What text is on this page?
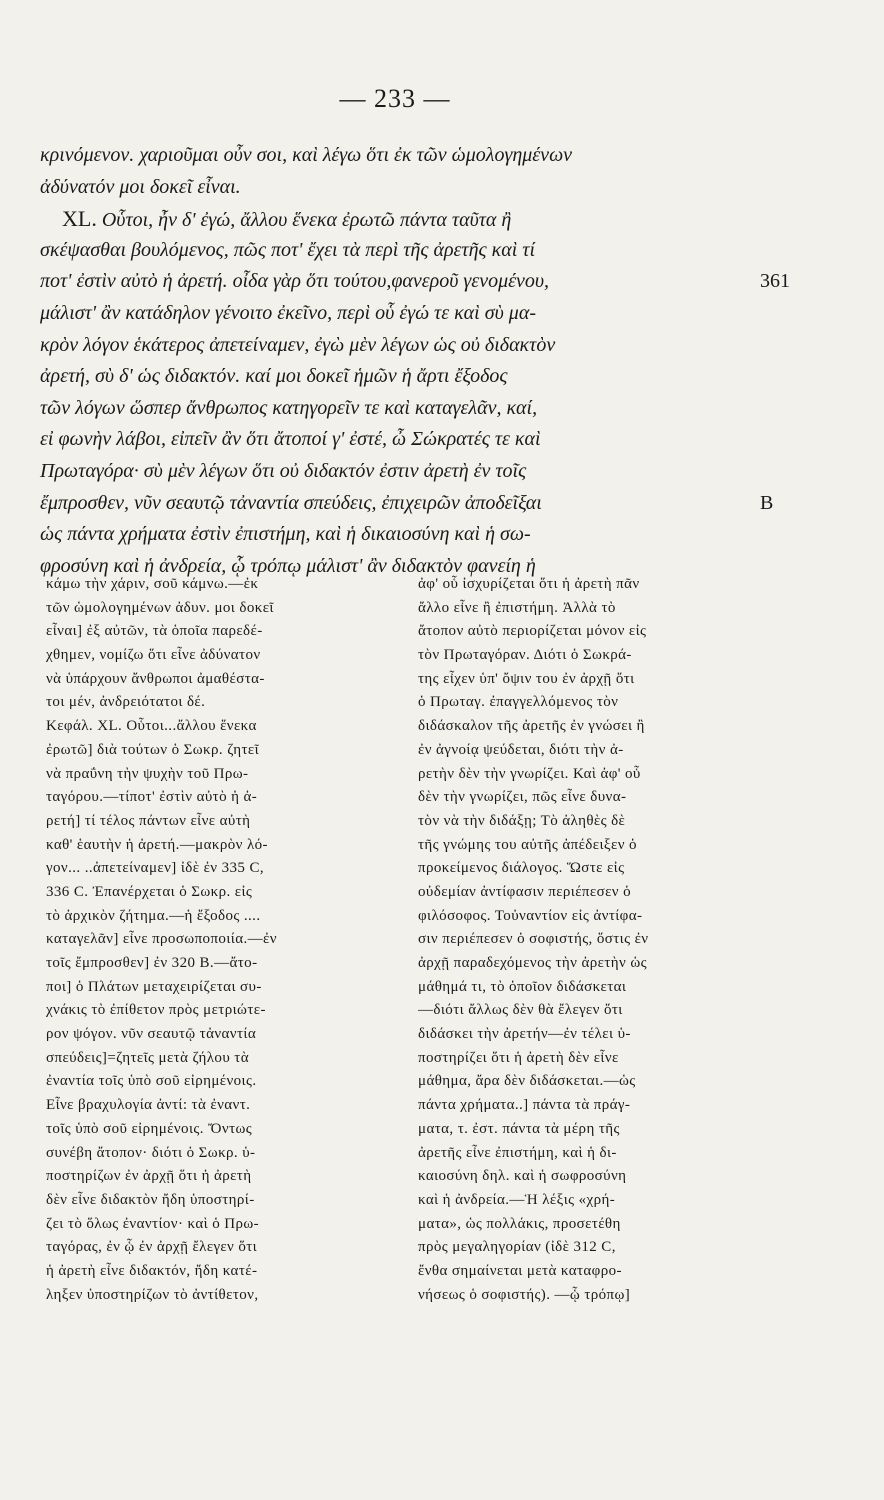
— 233 —
κρινόμενον. χαριοῦμαι οὖν σοι, καὶ λέγω ὅτι ἐκ τῶν ὡμολογημένων
ἀδύνατόν μοι δοκεῖ εἶναι.
XL. Οὗτοι, ἦν δ' ἐγώ, ἄλλου ἕνεκα ἐρωτῶ πάντα ταῦτα ἢ
σκέψασθαι βουλόμενος, πῶς ποτ' ἔχει τὰ περὶ τῆς ἀρετῆς καὶ τί
ποτ' ἐστὶν αὐτὸ ἡ ἀρετή. οἶδα γὰρ ὅτι τούτου,φανεροῦ γενομένου,	361
μάλιστ' ἂν κατάδηλον γένοιτο ἐκεῖνο, περὶ οὗ ἐγώ τε καὶ σὺ μα-
κρὸν λόγον ἑκάτερος ἀπετείναμεν, ἐγὼ μὲν λέγων ὡς οὐ διδακτὸν
ἀρετή, σὺ δ' ὡς διδακτόν. καί μοι δοκεῖ ἡμῶν ἡ ἄρτι ἔξοδος
τῶν λόγων ὥσπερ ἄνθρωπος κατηγορεῖν τε καὶ καταγελᾶν, καί,
εἰ φωνὴν λάβοι, εἰπεῖν ἂν ὅτι ἄτοποί γ' ἐστέ, ὦ Σώκρατές τε καὶ
Πρωταγόρα· σὺ μὲν λέγων ὅτι οὐ διδακτόν ἐστιν ἀρετὴ ἐν τοῖς
ἔμπροσθεν, νῦν σεαυτῷ τἀναντία σπεύδεις, ἐπιχειρῶν ἀποδεῖξαι	B
ὡς πάντα χρήματα ἐστὶν ἐπιστήμη, καὶ ἡ δικαιοσύνη καὶ ἡ σω-
φροσύνη καὶ ἡ ἀνδρεία, ᾧ τρόπῳ μάλιστ' ἂν διδακτὸν φανείη ἡ
κάμω τὴν χάριν, σοῦ κάμνω.—ἐκ
τῶν ὡμολογημένων ἀδυν. μοι δοκεῖ
εἶναι] ἐξ αὐτῶν, τὰ ὁποῖα παρεδέ-
χθημεν, νομίζω ὅτι εἶνε ἀδύνατον
νὰ ὑπάρχουν ἄνθρωποι ἀμαθέστα-
τοι μέν, ἀνδρειότατοι δέ.
Κεφάλ. XL. Οὗτοι...ἄλλου ἕνεκα
ἐρωτῶ] διὰ τούτων ὁ Σωκρ. ζητεῖ
νὰ πραΰνη τὴν ψυχὴν τοῦ Πρω-
ταγόρου.—τίποτ' ἐστὶν αὐτὸ ἡ ἀ-
ρετή] τί τέλος πάντων εἶνε αὐτὴ
καθ' ἑαυτὴν ἡ ἀρετή.—μακρὸν λό-
γον... ..ἀπετείναμεν] ἰδὲ ἐν 335 C,
336 C. Ἐπανέρχεται ὁ Σωκρ. εἰς
τὸ ἀρχικὸν ζήτημα.—ἡ ἔξοδος ....
καταγελᾶν] εἶνε προσωποποιία.—ἐν
τοῖς ἔμπροσθεν] ἐν 320 B.—ἄτο-
ποι] ὁ Πλάτων μεταχειρίζεται συ-
χνάκις τὸ ἐπίθετον πρὸς μετριώτε-
ρον ψόγον. νῦν σεαυτῷ τἀναντία
σπεύδεις]=ζητεῖς μετὰ ζήλου τὰ
ἐναντία τοῖς ὑπὸ σοῦ εἰρημένοις.
Εἶνε βραχυλογία ἀντί: τὰ ἐναντ.
τοῖς ὑπὸ σοῦ εἰρημένοις. Ὄντως
συνέβη ἄτοπον· διότι ὁ Σωκρ. ὑ-
ποστηρίζων ἐν ἀρχῇ ὅτι ἡ ἀρετὴ
δὲν εἶνε διδακτὸν ἤδη ὑποστηρί-
ζει τὸ ὅλως ἐναντίον· καὶ ὁ Πρω-
ταγόρας, ἐν ᾧ ἐν ἀρχῇ ἔλεγεν ὅτι
ἡ ἀρετὴ εἶνε διδακτόν, ἤδη κατέ-
ληξεν ὑποστηρίζων τὸ ἀντίθετον,
ἀφ' οὗ ἰσχυρίζεται ὅτι ἡ ἀρετὴ πᾶν
ἄλλο εἶνε ἢ ἐπιστήμη. Ἀλλὰ τὸ
ἄτοπον αὐτὸ περιορίζεται μόνον εἰς
τὸν Πρωταγόραν. Διότι ὁ Σωκρά-
της εἶχεν ὑπ' ὄψιν του ἐν ἀρχῇ ὅτι
ὁ Πρωταγ. ἐπαγγελλόμενος τὸν
διδάσκαλον τῆς ἀρετῆς ἐν γνώσει ἢ
ἐν ἀγνοίᾳ ψεύδεται, διότι τὴν ἀ-
ρετὴν δὲν τὴν γνωρίζει. Καὶ ἀφ' οὗ
δὲν τὴν γνωρίζει, πῶς εἶνε δυνα-
τὸν νὰ τὴν διδάξῃ; Τὸ ἀληθὲς δὲ
τῆς γνώμης του αὐτῆς ἀπέδειξεν ὁ
προκείμενος διάλογος. Ὥστε εἰς
οὐδεμίαν ἀντίφασιν περιέπεσεν ὁ
φιλόσοφος. Τοὐναντίον εἰς ἀντίφα-
σιν περιέπεσεν ὁ σοφιστής, ὅστις ἐν
ἀρχῇ παραδεχόμενος τὴν ἀρετὴν ὡς
μάθημά τι, τὸ ὁποῖον διδάσκεται
—διότι ἄλλως δὲν θὰ ἔλεγεν ὅτι
διδάσκει τὴν ἀρετήν—ἐν τέλει ὑ-
ποστηρίζει ὅτι ἡ ἀρετὴ δὲν εἶνε
μάθημα, ἄρα δὲν διδάσκεται.—ὡς
πάντα χρήματα..] πάντα τὰ πράγ-
ματα, τ. ἐστ. πάντα τὰ μέρη τῆς
ἀρετῆς εἶνε ἐπιστήμη, καὶ ἡ δι-
καιοσύνη δηλ. καὶ ἡ σωφροσύνη
καὶ ἡ ἀνδρεία.—Ἡ λέξις «χρή-
ματα», ὡς πολλάκις, προσετέθη
πρὸς μεγαληγορίαν (ἰδὲ 312 C,
ἔνθα σημαίνεται μετὰ καταφρο-
νήσεως ὁ σοφιστής). —ᾧ τρόπῳ]
